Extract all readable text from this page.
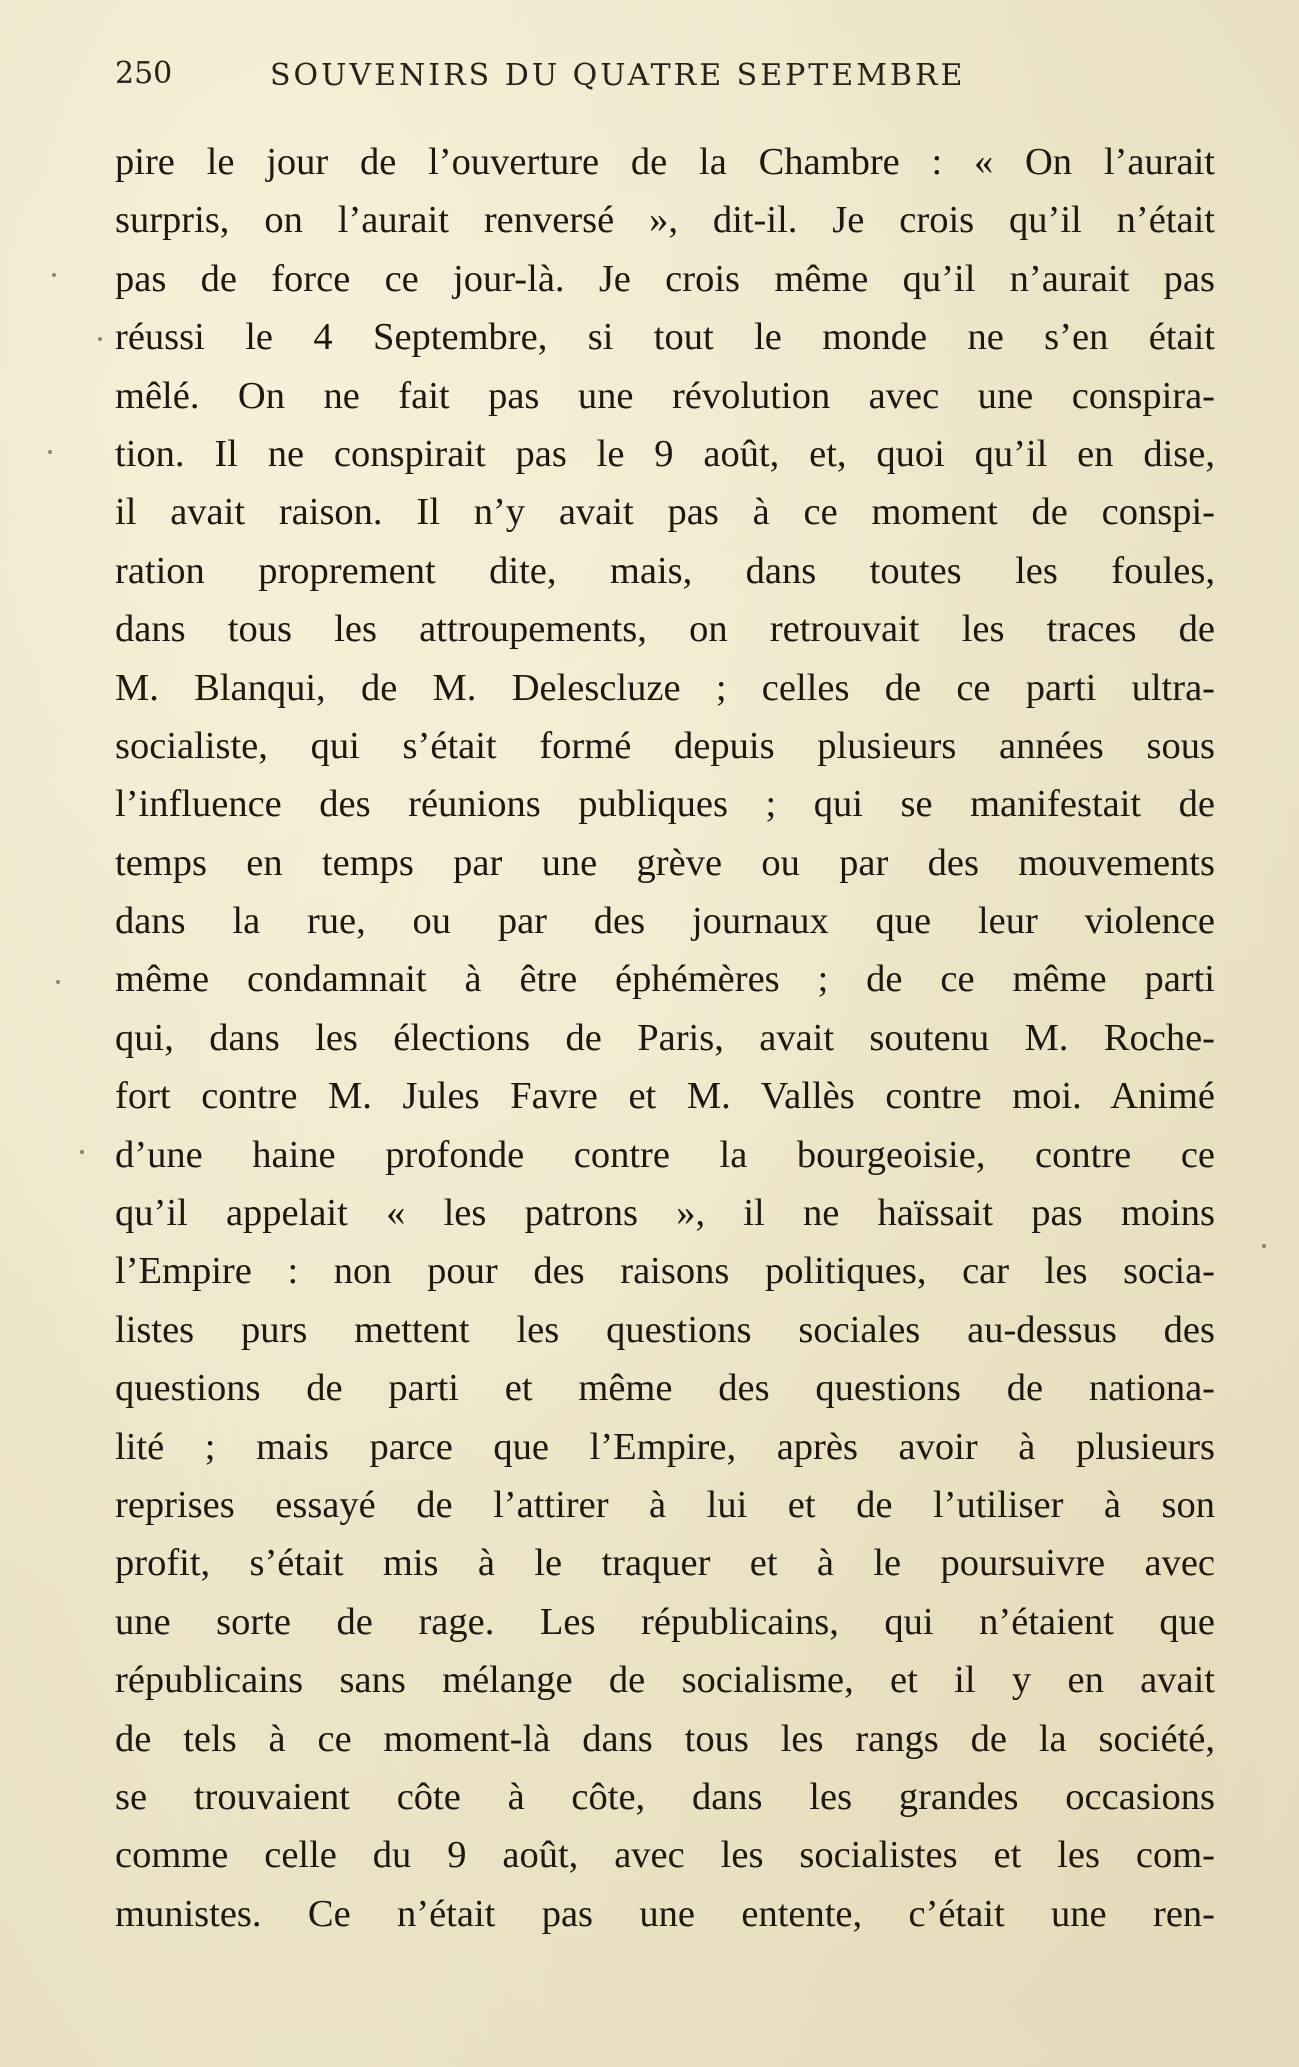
250	SOUVENIRS DU QUATRE SEPTEMBRE
pire le jour de l’ouverture de la Chambre : « On l’aurait
surpris, on l’aurait renversé », dit-il. Je crois qu’il n’était
pas de force ce jour-là. Je crois même qu’il n’aurait pas
réussi le 4 Septembre, si tout le monde ne s’en était
mêlé. On ne fait pas une révolution avec une conspira-
tion. Il ne conspirait pas le 9 août, et, quoi qu’il en dise,
il avait raison. Il n’y avait pas à ce moment de conspi-
ration proprement dite, mais, dans toutes les foules,
dans tous les attroupements, on retrouvait les traces de
M. Blanqui, de M. Delescluze ; celles de ce parti ultra-
socialiste, qui s’était formé depuis plusieurs années sous
l’influence des réunions publiques ; qui se manifestait de
temps en temps par une grève ou par des mouvements
dans la rue, ou par des journaux que leur violence
même condamnait à être éphémères ; de ce même parti
qui, dans les élections de Paris, avait soutenu M. Roche-
fort contre M. Jules Favre et M. Vallès contre moi. Animé
d’une haine profonde contre la bourgeoisie, contre ce
qu’il appelait « les patrons », il ne haïssait pas moins
l’Empire : non pour des raisons politiques, car les socia-
listes purs mettent les questions sociales au-dessus des
questions de parti et même des questions de nationa-
lité ; mais parce que l’Empire, après avoir à plusieurs
reprises essayé de l’attirer à lui et de l’utiliser à son
profit, s’était mis à le traquer et à le poursuivre avec
une sorte de rage. Les républicains, qui n’étaient que
républicains sans mélange de socialisme, et il y en avait
de tels à ce moment-là dans tous les rangs de la société,
se trouvaient côte à côte, dans les grandes occasions
comme celle du 9 août, avec les socialistes et les com-
munistes. Ce n’était pas une entente, c’était une ren-
